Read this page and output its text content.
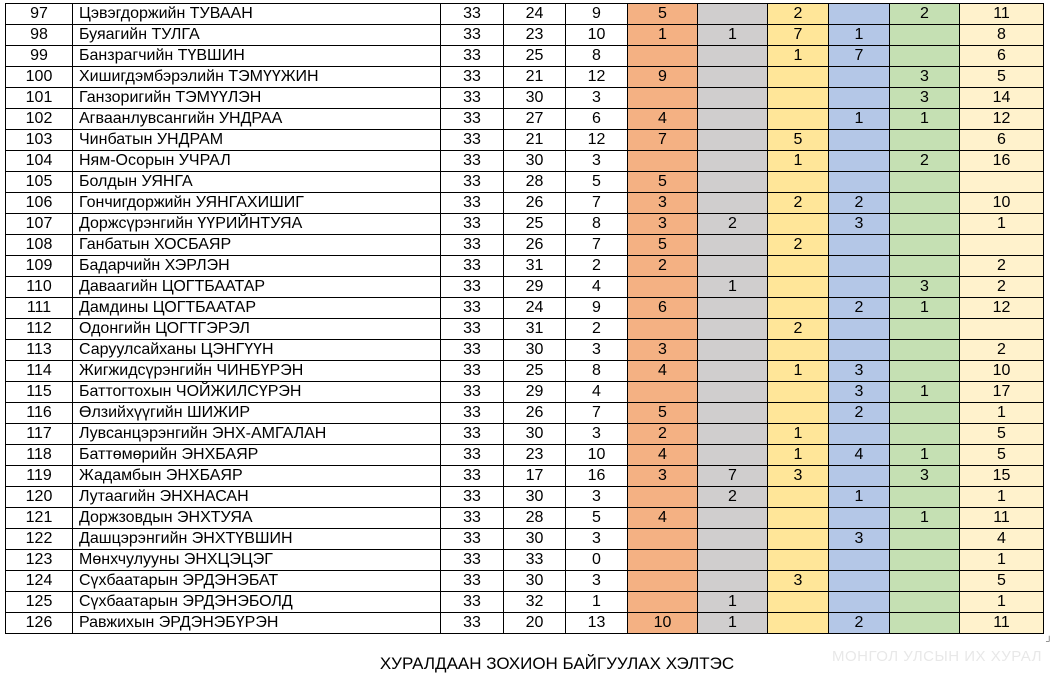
97	Цэвэгдоржийн ТУВААН	33	24	9	5		2		2	11
98	Буяагийн ТУЛГА	33	23	10	1	1	7	1		8
99	Банзрагчийн ТҮВШИН	33	25	8			1	7		6
100	Хишигдэмбэрэлийн ТЭМҮҮЖИН	33	21	12	9				3	5
101	Ганзоригийн ТЭМҮҮЛЭН	33	30	3					3	14
102	Агваанлувсангийн УНДРАА	33	27	6	4			1	1	12
103	Чинбатын УНДРАМ	33	21	12	7		5			6
104	Ням-Осорын УЧРАЛ	33	30	3			1		2	16
105	Болдын УЯНГА	33	28	5	5					
106	Гончигдоржийн УЯНГАХИШИГ	33	26	7	3		2	2		10
107	Доржсүрэнгийн ҮҮРИЙНТУЯА	33	25	8	3	2		3		1
108	Ганбатын ХОСБАЯР	33	26	7	5		2			
109	Бадарчийн ХЭРЛЭН	33	31	2	2					2
110	Даваагийн ЦОГТБААТАР	33	29	4		1			3	2
111	Дамдины ЦОГТБААТАР	33	24	9	6			2	1	12
112	Одонгийн ЦОГТГЭРЭЛ	33	31	2			2			
113	Саруулсайханы ЦЭНГҮҮН	33	30	3	3					2
114	Жигжидсүрэнгийн ЧИНБҮРЭН	33	25	8	4		1	3		10
115	Баттогтохын ЧОЙЖИЛСҮРЭН	33	29	4				3	1	17
116	Өлзийхүүгийн ШИЖИР	33	26	7	5			2		1
117	Лувсанцэрэнгийн ЭНХ-АМГАЛАН	33	30	3	2		1			5
118	Баттөмөрийн ЭНХБАЯР	33	23	10	4		1	4	1	5
119	Жадамбын ЭНХБАЯР	33	17	16	3	7	3		3	15
120	Лутаагийн ЭНХНАСАН	33	30	3		2		1		1
121	Доржзовдын ЭНХТУЯА	33	28	5	4				1	11
122	Дашцэрэнгийн ЭНХТҮВШИН	33	30	3				3		4
123	Мөнхчулууны ЭНХЦЭЦЭГ	33	33	0						1
124	Сүхбаатарын ЭРДЭНЭБАТ	33	30	3			3			5
125	Сүхбаатарын ЭРДЭНЭБОЛД	33	32	1		1				1
126	Равжихын ЭРДЭНЭБҮРЭН	33	20	13	10	1		2		11
ХУРАЛДААН ЗОХИОН БАЙГУУЛАХ ХЭЛТЭС	МОНГОЛ УЛСЫН ИХ ХУРАЛ
┘
